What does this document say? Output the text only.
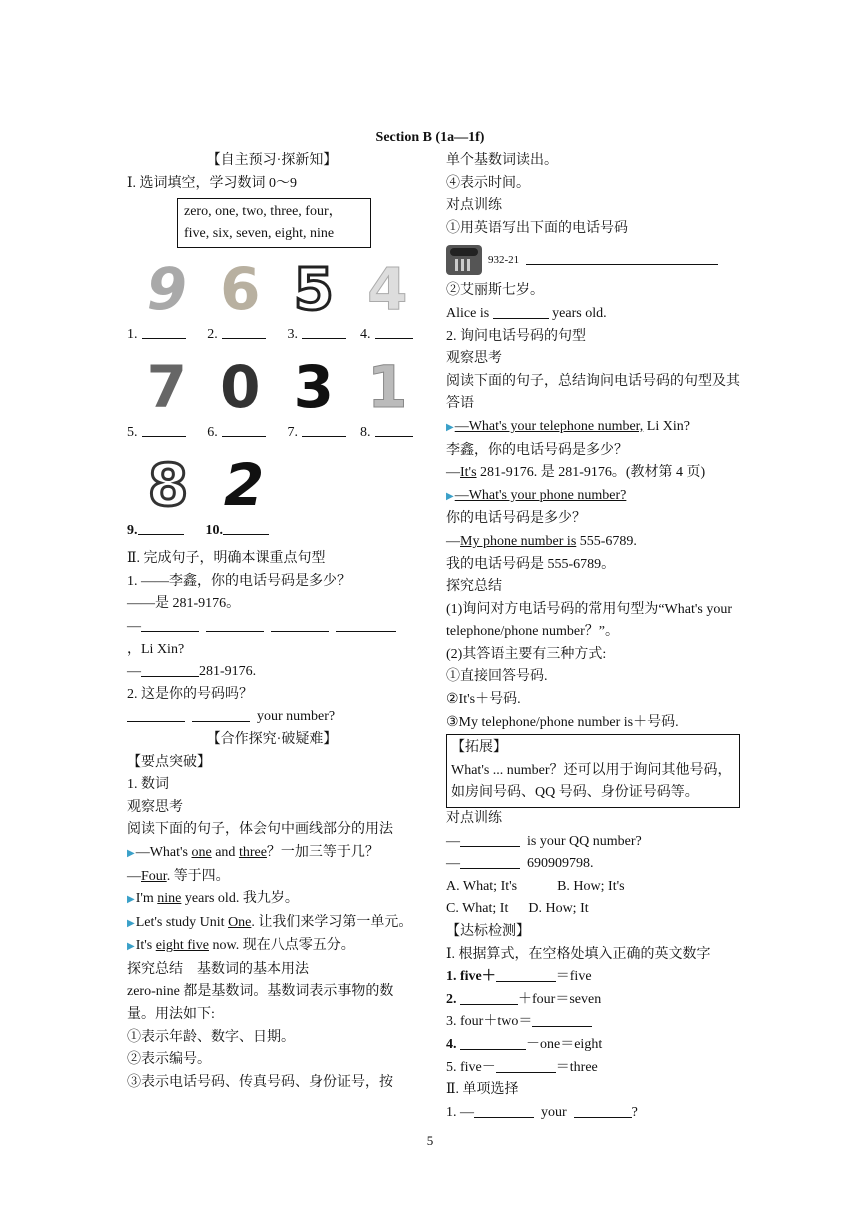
Section B (1a—1f)
【自主预习·探新知】
Ⅰ. 选词填空，学习数词 0～9
zero, one, two, three, four，
five, six, seven, eight, nine
9 6 5 4
1.	2.	3.	4.
7 0 3 1
5.	6.	7.	8.
8 2
9.	10.
Ⅱ. 完成句子，明确本课重点句型
1. ——李鑫，你的电话号码是多少？
——是 281-9176。
—
，Li Xin?
—	281-9176.
2. 这是你的号码吗？
your number?
【合作探究·破疑难】
【要点突破】
1. 数词
观察思考
阅读下面的句子，体会句中画线部分的用法
▶—What's one and three？一加三等于几？
—Four. 等于四。
▶I'm nine years old. 我九岁。
▶Let's study Unit One. 让我们来学习第一单元。
▶It's eight five now. 现在八点零五分。
探究总结　基数词的基本用法
zero-nine 都是基数词。基数词表示事物的数量。用法如下:
①表示年龄、数字、日期。
②表示编号。
③表示电话号码、传真号码、身份证号，按
单个基数词读出。
④表示时间。
对点训练
①用英语写出下面的电话号码
932-21
②艾丽斯七岁。
Alice is	years old.
2. 询问电话号码的句型
观察思考
阅读下面的句子，总结询问电话号码的句型及其答语
▶—What's your telephone number, Li Xin?
李鑫，你的电话号码是多少？
—It's 281-9176. 是 281-9176。(教材第 4 页)
▶—What's your phone number?
你的电话号码是多少？
—My phone number is 555-6789.
我的电话号码是 555-6789。
探究总结
(1)询问对方电话号码的常用句型为“What's your telephone/phone number？”。
(2)其答语主要有三种方式:
①直接回答号码.
②It's＋号码.
③My telephone/phone number is＋号码.
【拓展】
What's ... number？还可以用于询问其他号码，如房间号码、QQ 号码、身份证号码等。
对点训练
—	is your QQ number?
—	690909798.
A. What; It's	B. How; It's
C. What; It D. How; It
【达标检测】
Ⅰ. 根据算式，在空格处填入正确的英文数字
1. five＋	＝five
2.	＋four＝seven
3. four＋two＝
4.	－one＝eight
5. five－	＝three
Ⅱ. 单项选择
1. —	your	?
5
